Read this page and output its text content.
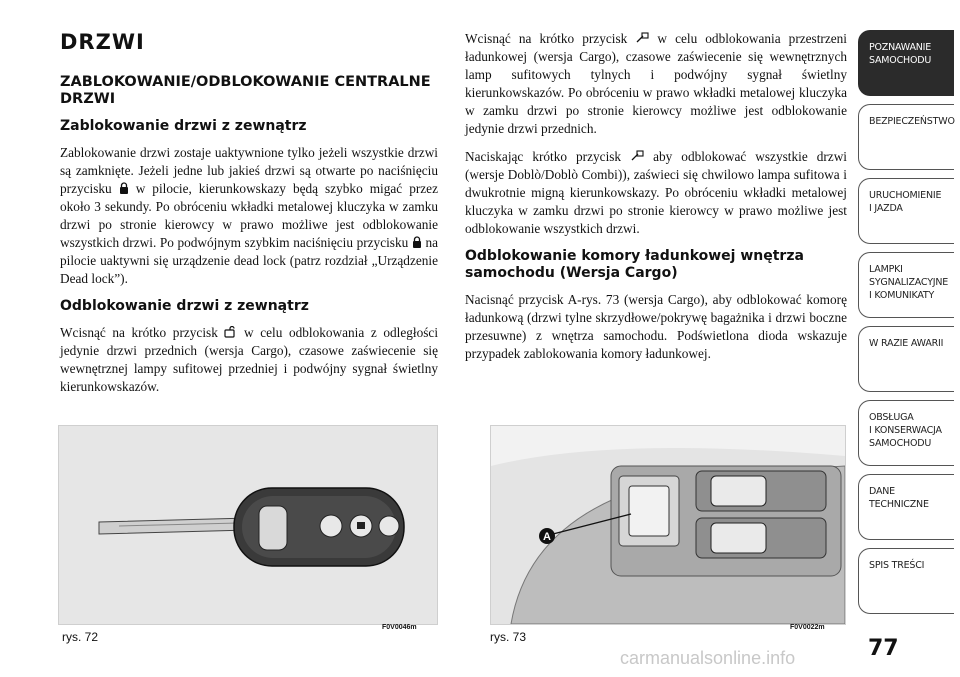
DRZWI
ZABLOKOWANIE/ODBLOKOWANIE CENTRALNE DRZWI
Zablokowanie drzwi z zewnątrz

Zablokowanie drzwi zostaje uaktywnione tylko jeżeli wszystkie drzwi są zamknięte. Jeżeli jedne lub jakieś drzwi są otwarte po naciśnięciu przycisku w pilocie, kierunkowskazy będą szybko migać przez około 3 sekundy. Po obróceniu wkładki metalowej kluczyka w zamku drzwi po stronie kierowcy w prawo możliwe jest odblokowanie wszystkich drzwi. Po podwójnym szybkim naciśnięciu przycisku na pilocie uaktywni się urządzenie dead lock (patrz rozdział „Urządzenie Dead lock”).

Odblokowanie drzwi z zewnątrz

Wcisnąć na krótko przycisk w celu odblokowania z odległości jedynie drzwi przednich (wersja Cargo), czasowe zaświecenie się wewnętrznej lampy sufitowej przedniej i podwójny sygnał świetlny kierunkowskazów.

Wcisnąć na krótko przycisk w celu odblokowania przestrzeni ładunkowej (wersja Cargo), czasowe zaświecenie się wewnętrznych lamp sufitowych tylnych i podwójny sygnał świetlny kierunkowskazów. Po obróceniu w prawo wkładki metalowej kluczyka w zamku drzwi po stronie kierowcy możliwe jest odblokowanie jedynie drzwi przednich.

Naciskając krótko przycisk aby odblokować wszystkie drzwi (wersje Doblò/Doblò Combi)), zaświeci się chwilowo lampa sufitowa i dwukrotnie migną kierunkowskazy. Po obróceniu wkładki metalowej kluczyka w zamku drzwi po stronie kierowcy w prawo możliwe jest odblokowanie wszystkich drzwi.

Odblokowanie komory ładunkowej wnętrza samochodu (Wersja Cargo)

Nacisnąć przycisk A-rys. 73 (wersja Cargo), aby odblokować komorę ładunkową (drzwi tylne skrzydłowe/pokrywę bagażnika i drzwi boczne przesuwne) z wnętrza samochodu. Podświetlona dioda wskazuje przypadek zablokowania komory ładunkowej.

rys. 72
F0V0046m
A
rys. 73
F0V0022m
POZNAWANIE
SAMOCHODU
BEZPIECZEŃSTWO
URUCHOMIENIE
I JAZDA
LAMPKI
SYGNALIZACYJNE
I KOMUNIKATY
W RAZIE AWARII
OBSŁUGA
I KONSERWACJA
SAMOCHODU
DANE
TECHNICZNE
SPIS TREŚCI
77
carmanualsonline.info
